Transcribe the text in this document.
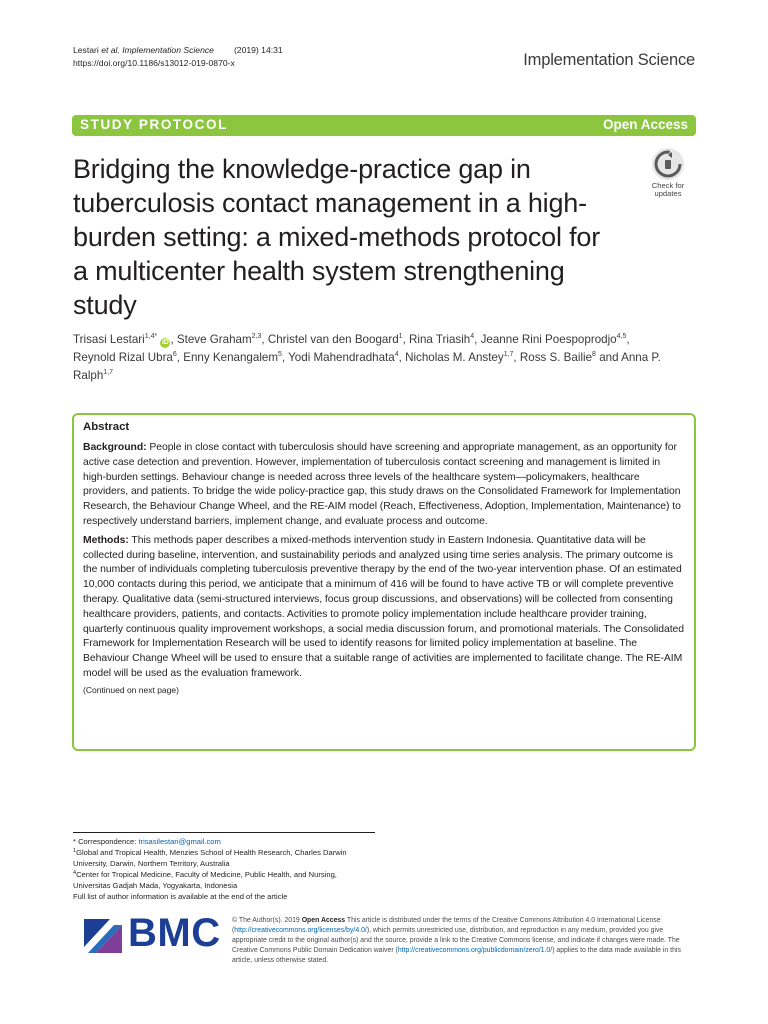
Lestari et al. Implementation Science (2019) 14:31
https://doi.org/10.1186/s13012-019-0870-x	Implementation Science
STUDY PROTOCOL	Open Access
Bridging the knowledge-practice gap in tuberculosis contact management in a high-burden setting: a mixed-methods protocol for a multicenter health system strengthening study
Check for
updates
Trisasi Lestari$^{1,4*}$ iD , Steve Graham$^{2,3}$, Christel van den Boogard$^1$, Rina Triasih$^4$, Jeanne Rini Poespoprodjo$^{4,5}$, Reynold Rizal Ubra$^6$, Enny Kenangalem$^5$, Yodi Mahendradhata$^4$, Nicholas M. Anstey$^{1,7}$, Ross S. Bailie$^8$ and Anna P. Ralph$^{1,7}$
Abstract

Background: People in close contact with tuberculosis should have screening and appropriate management, as an opportunity for active case detection and prevention. However, implementation of tuberculosis contact screening and management is limited in high-burden settings. Behaviour change is needed across three levels of the healthcare system—policymakers, healthcare providers, and patients. To bridge the wide policy-practice gap, this study draws on the Consolidated Framework for Implementation Research, the Behaviour Change Wheel, and the RE-AIM model (Reach, Effectiveness, Adoption, Implementation, Maintenance) to respectively understand barriers, implement change, and evaluate process and outcome.

Methods: This methods paper describes a mixed-methods intervention study in Eastern Indonesia. Quantitative data will be collected during baseline, intervention, and sustainability periods and analyzed using time series analysis. The primary outcome is the number of individuals completing tuberculosis preventive therapy by the end of the two-year intervention phase. Of an estimated 10,000 contacts during this period, we anticipate that a minimum of 416 will be found to have active TB or will complete preventive therapy. Qualitative data (semi-structured interviews, focus group discussions, and observations) will be collected from consenting healthcare providers, patients, and contacts. Activities to promote policy implementation include healthcare provider training, quarterly continuous quality improvement workshops, a social media discussion forum, and promotional materials. The Consolidated Framework for Implementation Research will be used to identify reasons for limited policy implementation at baseline. The Behaviour Change Wheel will be used to ensure that a suitable range of activities are implemented to facilitate change. The RE-AIM model will be used as the evaluation framework.

(Continued on next page)
* Correspondence: trisasilestari@gmail.com
$^1$Global and Tropical Health, Menzies School of Health Research, Charles Darwin University, Darwin, Northern Territory, Australia
$^4$Center for Tropical Medicine, Faculty of Medicine, Public Health, and Nursing, Universitas Gadjah Mada, Yogyakarta, Indonesia
Full list of author information is available at the end of the article
BMC © The Author(s). 2019 Open Access This article is distributed under the terms of the Creative Commons Attribution 4.0 International License (http://creativecommons.org/licenses/by/4.0/), which permits unrestricted use, distribution, and reproduction in any medium, provided you give appropriate credit to the original author(s) and the source, provide a link to the Creative Commons license, and indicate if changes were made. The Creative Commons Public Domain Dedication waiver (http://creativecommons.org/publicdomain/zero/1.0/) applies to the data made available in this article, unless otherwise stated.
